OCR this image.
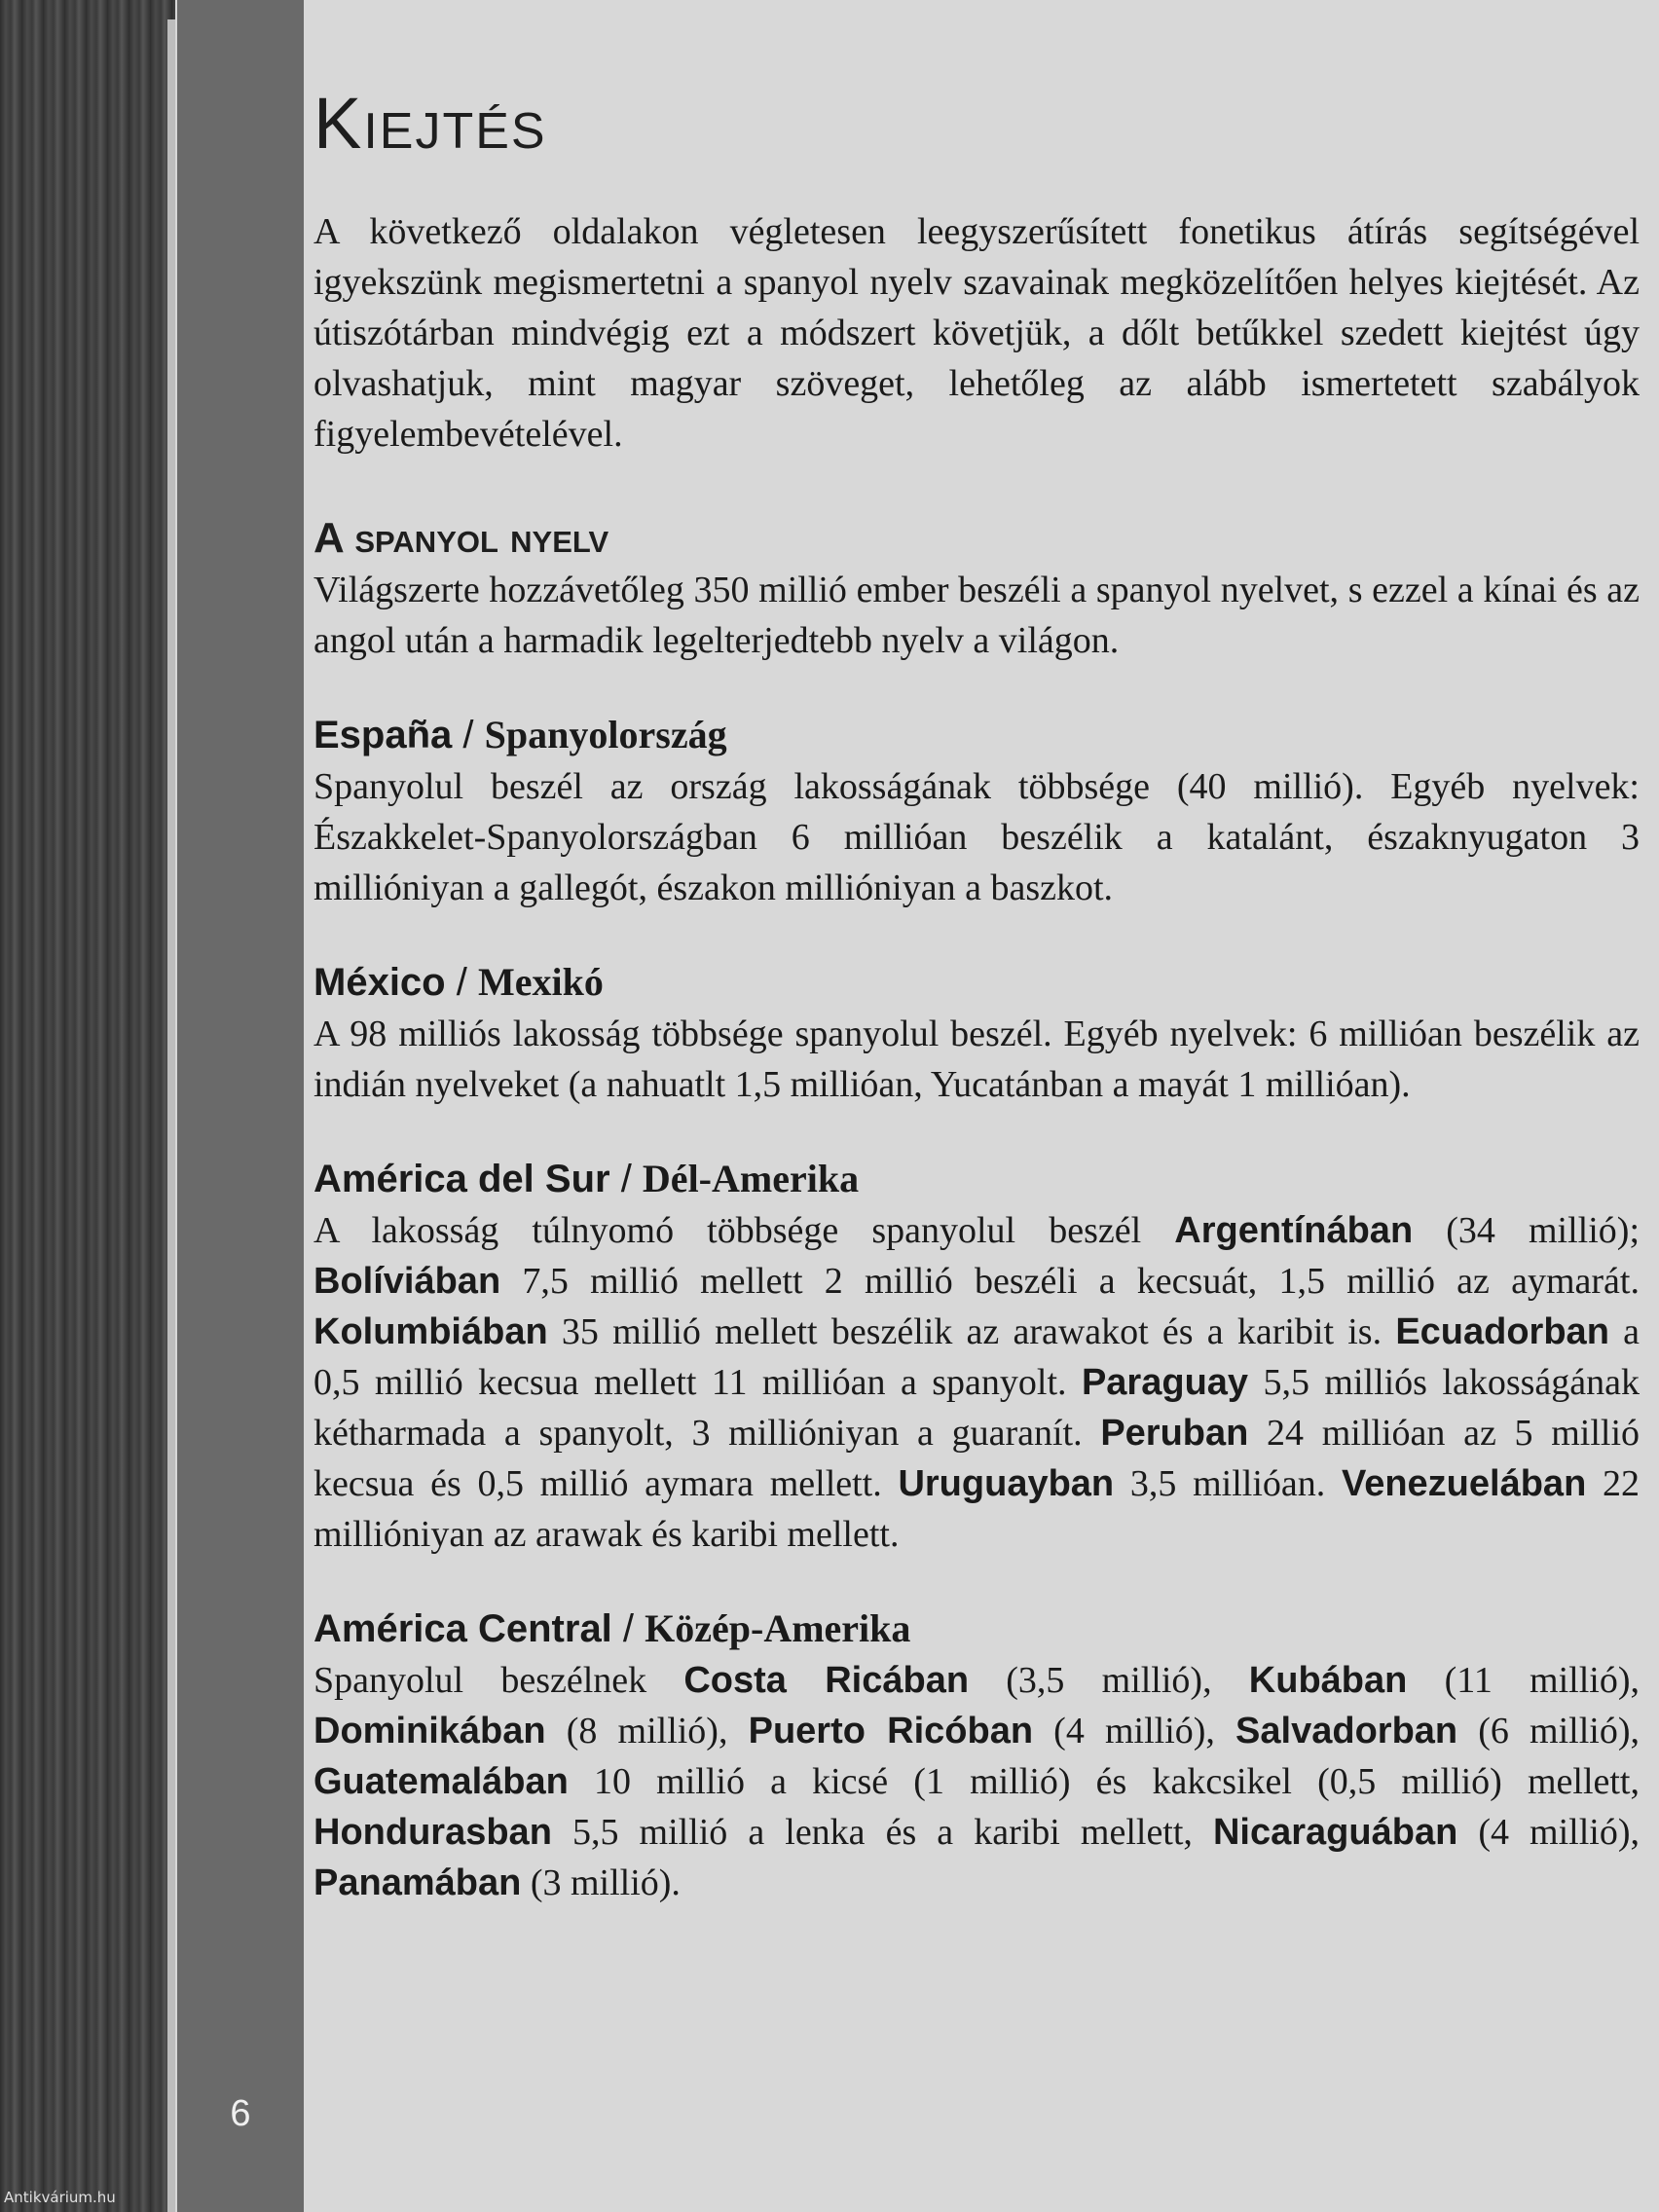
6
Antikvárium.hu
Kiejtés

A következő oldalakon végletesen leegyszerűsített fonetikus átírás segítségével igyekszünk megismertetni a spanyol nyelv szavainak megközelítően helyes kiejtését. Az útiszótárban mindvégig ezt a módszert követjük, a dőlt betűkkel szedett kiejtést úgy olvashatjuk, mint magyar szöveget, lehetőleg az alább ismertetett szabályok figyelembevételével.

A spanyol nyelv

Világszerte hozzávetőleg 350 millió ember beszéli a spanyol nyelvet, s ezzel a kínai és az angol után a harmadik legelterjedtebb nyelv a világon.

España / Spanyolország

Spanyolul beszél az ország lakosságának többsége (40 millió). Egyéb nyelvek: Északkelet-Spanyolországban 6 millióan beszélik a katalánt, északnyugaton 3 millióniyan a gallegót, északon millióniyan a baszkot.

México / Mexikó

A 98 milliós lakosság többsége spanyolul beszél. Egyéb nyelvek: 6 millióan beszélik az indián nyelveket (a nahuatlt 1,5 millióan, Yucatánban a mayát 1 millióan).

América del Sur / Dél-Amerika

A lakosság túlnyomó többsége spanyolul beszél Argentínában (34 millió); Bolíviában 7,5 millió mellett 2 millió beszéli a kecsuát, 1,5 millió az aymarát. Kolumbiában 35 millió mellett beszélik az arawakot és a karibit is. Ecuadorban a 0,5 millió kecsua mellett 11 millióan a spanyolt. Paraguay 5,5 milliós lakosságának kétharmada a spanyolt, 3 millióniyan a guaranít. Peruban 24 millióan az 5 millió kecsua és 0,5 millió aymara mellett. Uruguayban 3,5 millióan. Venezuelában 22 millióniyan az arawak és karibi mellett.

América Central / Közép-Amerika

Spanyolul beszélnek Costa Ricában (3,5 millió), Kubában (11 millió), Dominikában (8 millió), Puerto Ricóban (4 millió), Salvadorban (6 millió), Guatemalában 10 millió a kicsé (1 millió) és kakcsikel (0,5 millió) mellett, Hondurasban 5,5 millió a lenka és a karibi mellett, Nicaraguában (4 millió), Panamában (3 millió).
